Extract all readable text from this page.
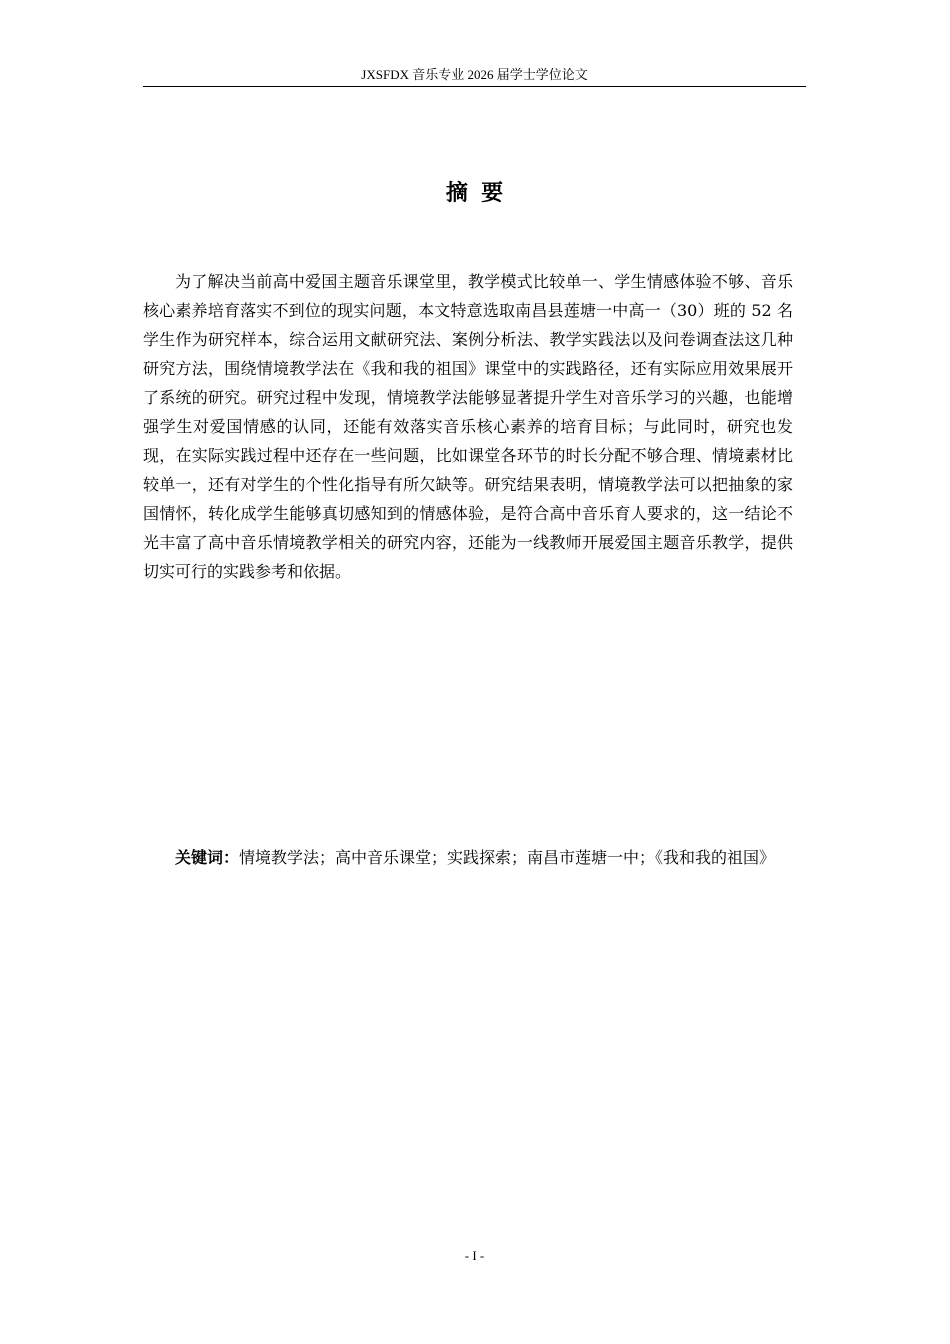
JXSFDX 音乐专业 2026 届学士学位论文
摘要

为了解决当前高中爱国主题音乐课堂里，教学模式比较单一、学生情感体验不够、音乐核心素养培育落实不到位的现实问题，本文特意选取南昌县莲塘一中高一（30）班的 52 名学生作为研究样本，综合运用文献研究法、案例分析法、教学实践法以及问卷调查法这几种研究方法，围绕情境教学法在《我和我的祖国》课堂中的实践路径，还有实际应用效果展开了系统的研究。研究过程中发现，情境教学法能够显著提升学生对音乐学习的兴趣，也能增强学生对爱国情感的认同，还能有效落实音乐核心素养的培育目标；与此同时，研究也发现，在实际实践过程中还存在一些问题，比如课堂各环节的时长分配不够合理、情境素材比较单一，还有对学生的个性化指导有所欠缺等。研究结果表明，情境教学法可以把抽象的家国情怀，转化成学生能够真切感知到的情感体验，是符合高中音乐育人要求的，这一结论不光丰富了高中音乐情境教学相关的研究内容，还能为一线教师开展爱国主题音乐教学，提供切实可行的实践参考和依据。

关键词：情境教学法；高中音乐课堂；实践探索；南昌市莲塘一中；《我和我的祖国》

- I -
